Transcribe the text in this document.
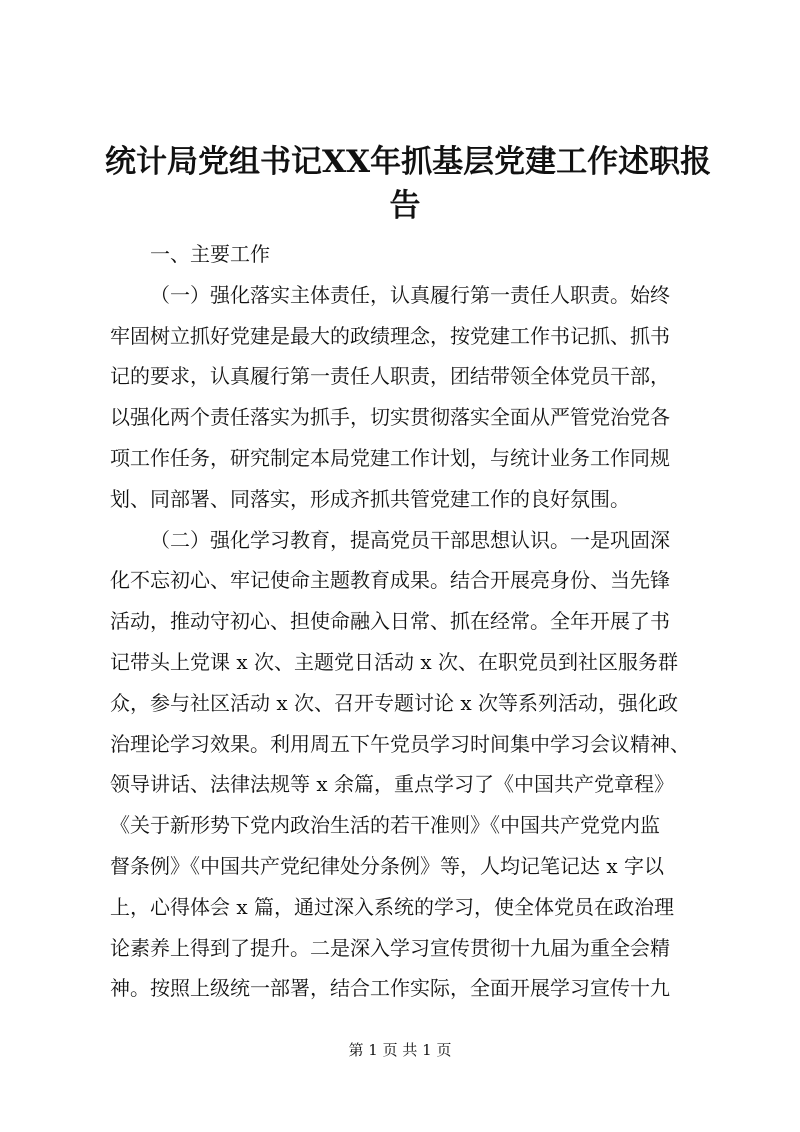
统计局党组书记XX年抓基层党建工作述职报
告
一、主要工作
（一）强化落实主体责任，认真履行第一责任人职责。始终
牢固树立抓好党建是最大的政绩理念，按党建工作书记抓、抓书
记的要求，认真履行第一责任人职责，团结带领全体党员干部，
以强化两个责任落实为抓手，切实贯彻落实全面从严管党治党各
项工作任务，研究制定本局党建工作计划，与统计业务工作同规
划、同部署、同落实，形成齐抓共管党建工作的良好氛围。
（二）强化学习教育，提高党员干部思想认识。一是巩固深
化不忘初心、牢记使命主题教育成果。结合开展亮身份、当先锋
活动，推动守初心、担使命融入日常、抓在经常。全年开展了书
记带头上党课 x 次、主题党日活动 x 次、在职党员到社区服务群
众，参与社区活动 x 次、召开专题讨论 x 次等系列活动，强化政
治理论学习效果。利用周五下午党员学习时间集中学习会议精神、
领导讲话、法律法规等 x 余篇，重点学习了《中国共产党章程》
《关于新形势下党内政治生活的若干准则》《中国共产党党内监
督条例》《中国共产党纪律处分条例》等，人均记笔记达 x 字以
上，心得体会 x 篇，通过深入系统的学习，使全体党员在政治理
论素养上得到了提升。二是深入学习宣传贯彻十九届为重全会精
神。按照上级统一部署，结合工作实际，全面开展学习宣传十九
第 1 页 共 1 页
